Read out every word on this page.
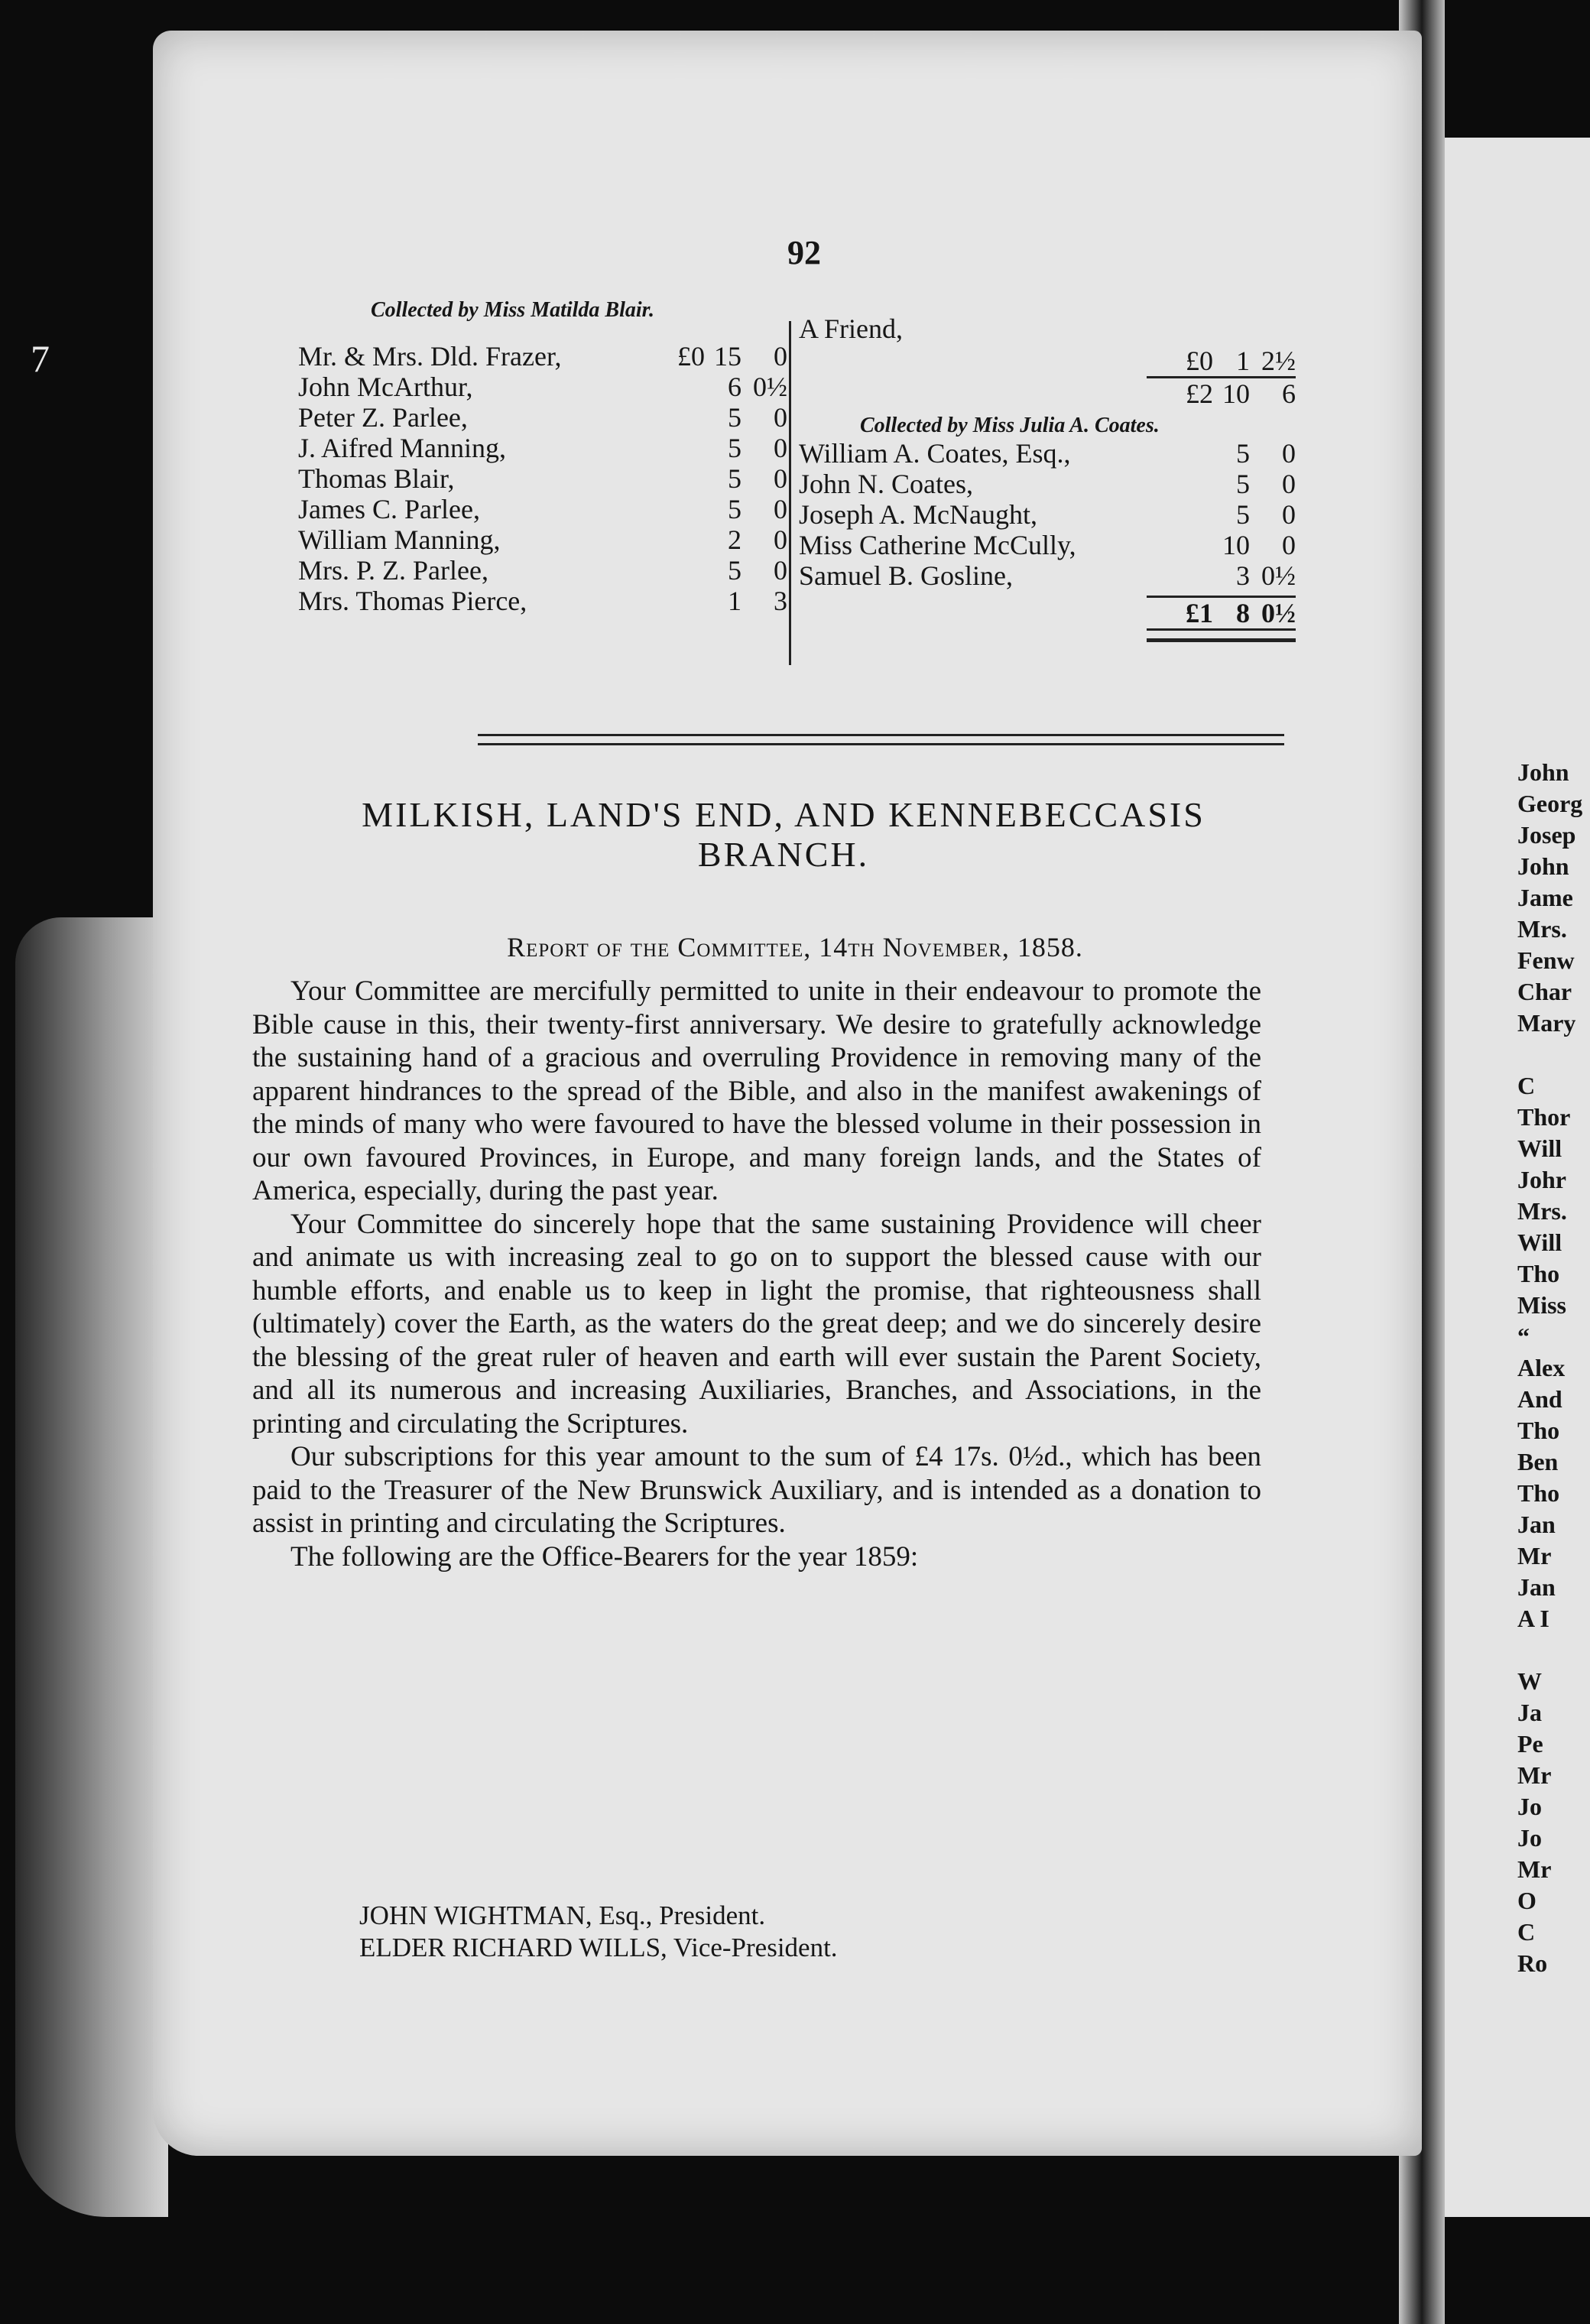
7

92
Collected by Miss Matilda Blair.
Mr. & Mrs. Dld. Frazer,	£0 15	0
John McArthur,	6 0½
Peter Z. Parlee,	5	0
J. Aifred Manning,	5	0
Thomas Blair,	5	0
James C. Parlee,	5	0
William Manning,	2	0
Mrs. P. Z. Parlee,	5	0
Mrs. Thomas Pierce,	1	3
A Friend,
£0 1 2½
£2 10	6
Collected by Miss Julia A. Coates.
William A. Coates, Esq.,	5	0
John N. Coates,	5	0
Joseph A. McNaught,	5	0
Miss Catherine McCully,	10	0
Samuel B. Gosline,	3 0½
£1 8 0½
MILKISH, LAND'S END, AND KENNEBECCASIS
BRANCH.
Report of the Committee, 14th November, 1858.

Your Committee are mercifully permitted to unite in their endeavour to promote the Bible cause in this, their twenty-first anniversary. We desire to gratefully acknowledge the sustaining hand of a gracious and overruling Providence in removing many of the apparent hindrances to the spread of the Bible, and also in the manifest awakenings of the minds of many who were favoured to have the blessed volume in their possession in our own favoured Provinces, in Europe, and many foreign lands, and the States of America, especially, during the past year.

Your Committee do sincerely hope that the same sustaining Providence will cheer and animate us with increasing zeal to go on to support the blessed cause with our humble efforts, and enable us to keep in light the promise, that righteousness shall (ultimately) cover the Earth, as the waters do the great deep; and we do sincerely desire the blessing of the great ruler of heaven and earth will ever sustain the Parent Society, and all its numerous and increasing Auxiliaries, Branches, and Associations, in the printing and circulating the Scriptures.

Our subscriptions for this year amount to the sum of £4 17s. 0½d., which has been paid to the Treasurer of the New Brunswick Auxiliary, and is intended as a donation to assist in printing and circulating the Scriptures.

The following are the Office-Bearers for the year 1859:

JOHN WIGHTMAN, Esq., President.
ELDER RICHARD WILLS, Vice-President.
John
Georg
Josep
John
Jame
Mrs.
Fenw
Char
Mary

C
Thor
Will
Johr
Mrs.
Will
Tho
Miss
“
Alex
And
Tho
Ben
Tho
Jan
Mr
Jan
A I

W
Ja
Pe
Mr
Jo
Jo
Mr
O
C
Ro
